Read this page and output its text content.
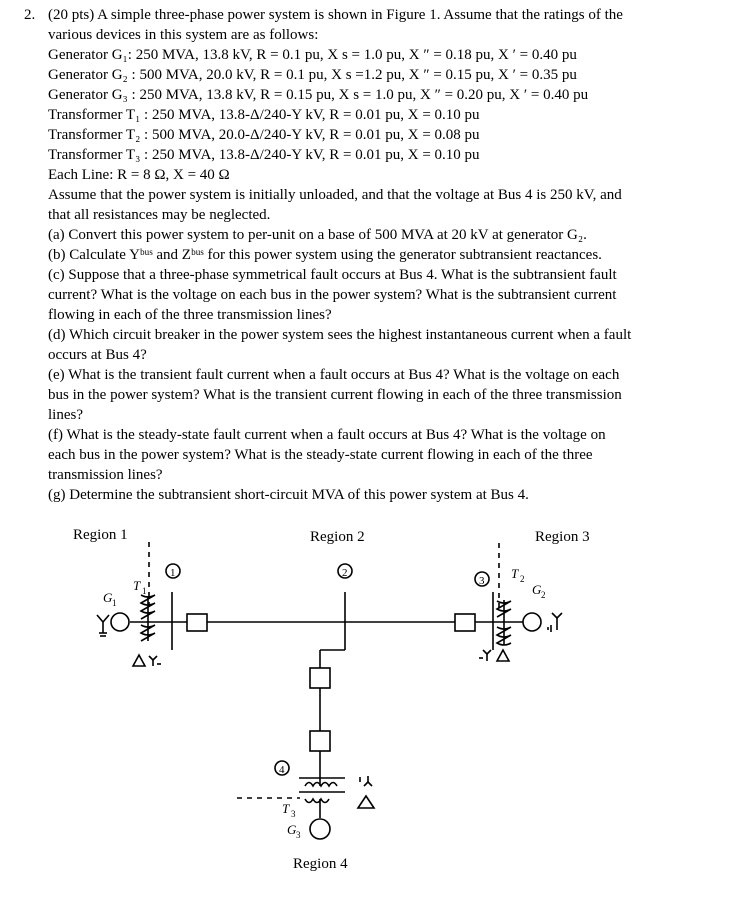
2. (20 pts) A simple three-phase power system is shown in Figure 1. Assume that the ratings of the
various devices in this system are as follows:
Generator G₁: 250 MVA, 13.8 kV, R = 0.1 pu, X s = 1.0 pu, X ″ = 0.18 pu, X ′ = 0.40 pu
Generator G₂ : 500 MVA, 20.0 kV, R = 0.1 pu, X s =1.2 pu, X ″ = 0.15 pu, X ′ = 0.35 pu
Generator G₃ : 250 MVA, 13.8 kV, R = 0.15 pu, X s = 1.0 pu, X ″ = 0.20 pu, X ′ = 0.40 pu
Transformer T₁ : 250 MVA, 13.8-Δ/240-Y kV, R = 0.01 pu, X = 0.10 pu
Transformer T₂ : 500 MVA, 20.0-Δ/240-Y kV, R = 0.01 pu, X = 0.08 pu
Transformer T₃ : 250 MVA, 13.8-Δ/240-Y kV, R = 0.01 pu, X = 0.10 pu
Each Line: R = 8 Ω, X = 40 Ω
Assume that the power system is initially unloaded, and that the voltage at Bus 4 is 250 kV, and
that all resistances may be neglected.
(a) Convert this power system to per-unit on a base of 500 MVA at 20 kV at generator G₂.
(b) Calculate Yᵇᵘˢ and Zᵇᵘˢ for this power system using the generator subtransient reactances.
(c) Suppose that a three-phase symmetrical fault occurs at Bus 4. What is the subtransient fault
current? What is the voltage on each bus in the power system? What is the subtransient current
flowing in each of the three transmission lines?
(d) Which circuit breaker in the power system sees the highest instantaneous current when a fault
occurs at Bus 4?
(e) What is the transient fault current when a fault occurs at Bus 4? What is the voltage on each
bus in the power system? What is the transient current flowing in each of the three transmission
lines?
(f) What is the steady-state fault current when a fault occurs at Bus 4? What is the voltage on
each bus in the power system? What is the steady-state current flowing in each of the three
transmission lines?
(g) Determine the subtransient short-circuit MVA of this power system at Bus 4.
Region 1	Region 2	Region 3
Region 4
G 1
T 1
1	2
3 T 2
G 2
4
T 3
G 3
